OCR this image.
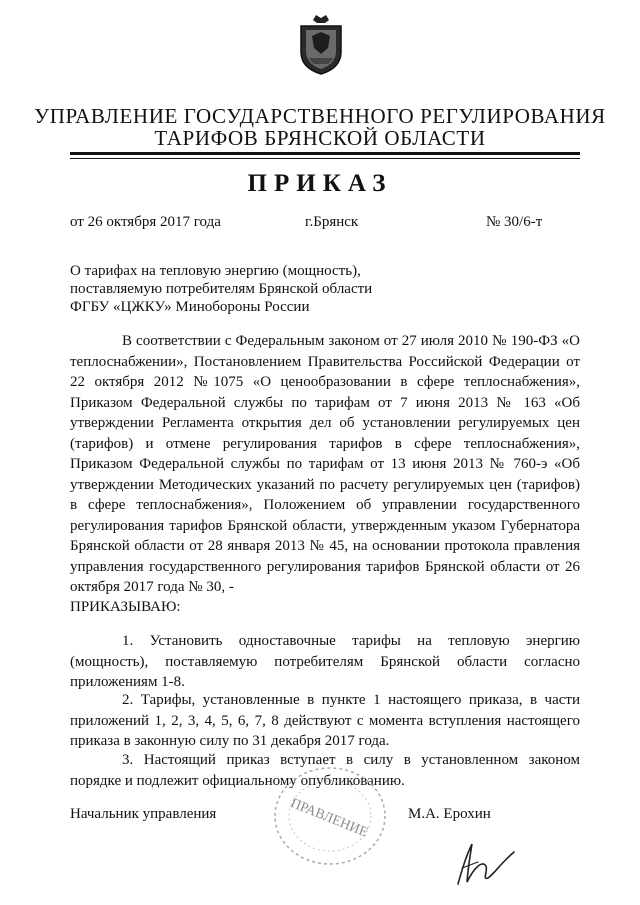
УПРАВЛЕНИЕ ГОСУДАРСТВЕННОГО РЕГУЛИРОВАНИЯ
ТАРИФОВ БРЯНСКОЙ ОБЛАСТИ
ПРИКАЗ
от 26 октября 2017 года	г.Брянск	№ 30/6-т
О тарифах на тепловую энергию (мощность),
поставляемую потребителям Брянской области
ФГБУ «ЦЖКУ» Минобороны России
В соответствии с Федеральным законом от 27 июля 2010 № 190-ФЗ «О теплоснабжении», Постановлением Правительства Российской Федерации от 22 октября 2012 №1075 «О ценообразовании в сфере теплоснабжения», Приказом Федеральной службы по тарифам от 7 июня 2013 № 163 «Об утверждении Регламента открытия дел об установлении регулируемых цен (тарифов) и отмене регулирования тарифов в сфере теплоснабжения», Приказом Федеральной службы по тарифам от 13 июня 2013 № 760-э «Об утверждении Методических указаний по расчету регулируемых цен (тарифов) в сфере теплоснабжения», Положением об управлении государственного регулирования тарифов Брянской области, утвержденным указом Губернатора Брянской области от 28 января 2013 № 45, на основании протокола правления управления государственного регулирования тарифов Брянской области от 26 октября 2017 года № 30, -
ПРИКАЗЫВАЮ:
1. Установить одноставочные тарифы на тепловую энергию (мощность), поставляемую потребителям Брянской области согласно приложениям 1-8.
2. Тарифы, установленные в пункте 1 настоящего приказа, в части приложений 1, 2, 3, 4, 5, 6, 7, 8 действуют с момента вступления настоящего приказа в законную силу по 31 декабря 2017 года.
3. Настоящий приказ вступает в силу в установленном законом порядке и подлежит официальному опубликованию.
Начальник управления	М.А. Ерохин
ПРАВЛЕНИЕ
